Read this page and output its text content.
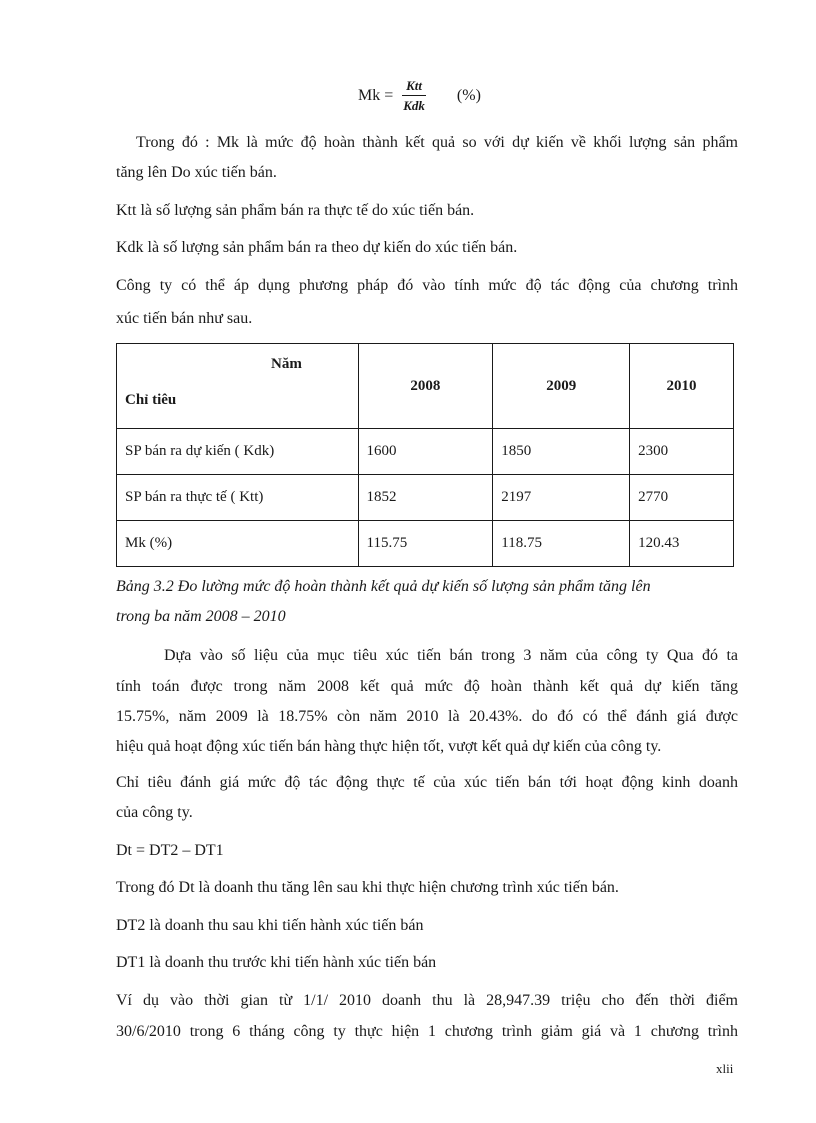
$Mk = \frac{\text{Ktt}}{\text{Kdk}}$ (%)
Trong đó : Mk là mức độ hoàn thành kết quả so với dự kiến về khối lượng sản phẩm
tăng lên Do xúc tiến bán.
Ktt là số lượng sản phẩm bán ra thực tế do xúc tiến bán.
Kdk là số lượng sản phẩm bán ra theo dự kiến do xúc tiến bán.
Công ty có thể áp dụng phương pháp đó vào tính mức độ tác động của chương trình
xúc tiến bán như sau.
Năm
Chỉ tiêu	2008	2009	2010
SP bán ra dự kiến ( Kdk)	1600	1850	2300
SP bán ra thực tế ( Ktt)	1852	2197	2770
Mk (%)	115.75	118.75	120.43
Bảng 3.2 Đo lường mức độ hoàn thành kết quả dự kiến số lượng sản phẩm tăng lên
trong ba năm 2008 – 2010
Dựa vào số liệu của mục tiêu xúc tiến bán trong 3 năm của công ty Qua đó ta
tính toán được trong năm 2008 kết quả mức độ hoàn thành kết quả dự kiến tăng
15.75%, năm 2009 là 18.75% còn năm 2010 là 20.43%. do đó có thể đánh giá được
hiệu quả hoạt động xúc tiến bán hàng thực hiện tốt, vượt kết quả dự kiến của công ty.
Chỉ tiêu đánh giá mức độ tác động thực tế của xúc tiến bán tới hoạt động kinh doanh
của công ty.
Dt = DT2 – DT1
Trong đó Dt là doanh thu tăng lên sau khi thực hiện chương trình xúc tiến bán.
DT2 là doanh thu sau khi tiến hành xúc tiến bán
DT1 là doanh thu trước khi tiến hành xúc tiến bán
Ví dụ vào thời gian từ 1/1/ 2010 doanh thu là 28,947.39 triệu cho đến thời điểm
30/6/2010 trong 6 tháng công ty thực hiện 1 chương trình giảm giá và 1 chương trình
xlii
